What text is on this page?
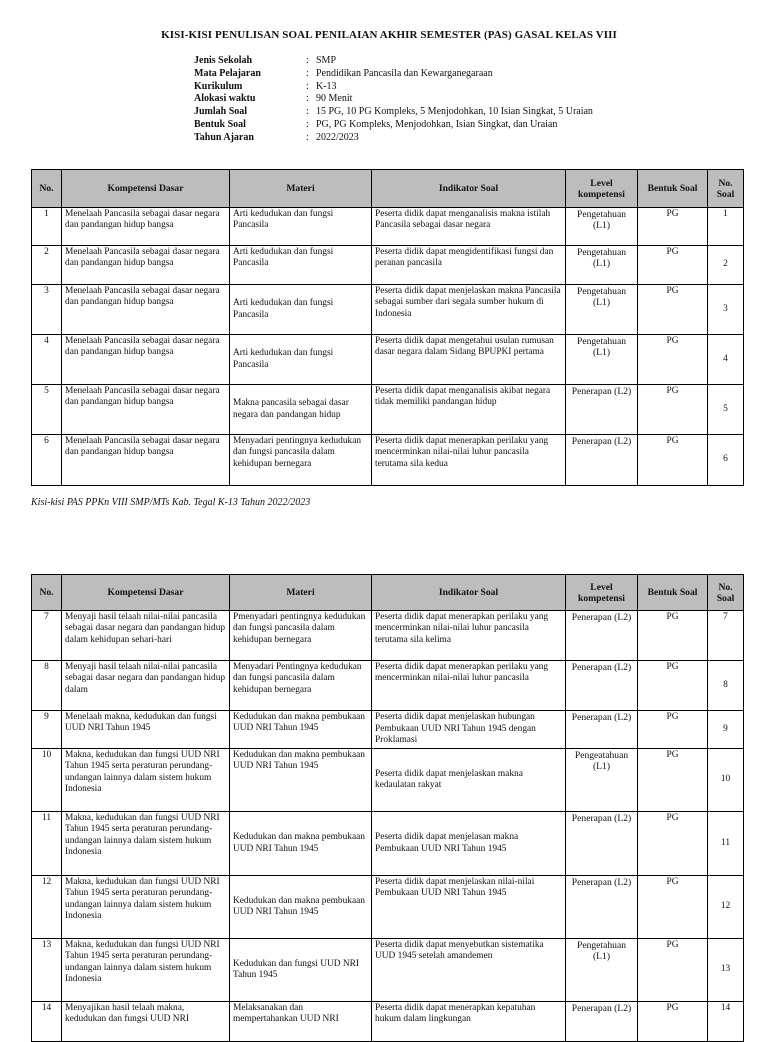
KISI-KISI PENULISAN SOAL PENILAIAN AKHIR SEMESTER (PAS) GASAL KELAS VIII
Jenis Sekolah	: SMP
Mata Pelajaran	: Pendidikan Pancasila dan Kewarganegaraan
Kurikulum	: K-13
Alokasi waktu	: 90 Menit
Jumlah Soal	: 15 PG, 10 PG Kompleks, 5 Menjodohkan, 10 Isian Singkat, 5 Uraian
Bentuk Soal	: PG, PG Kompleks, Menjodohkan, Isian Singkat, dan Uraian
Tahun Ajaran	: 2022/2023
No.	Kompetensi Dasar	Materi	Indikator Soal	Level kompetensi	Bentuk Soal	No. Soal
1	Menelaah Pancasila sebagai dasar negara dan pandangan hidup bangsa	Arti kedudukan dan fungsi Pancasila	Peserta didik dapat menganalisis makna istilah Pancasila sebagai dasar negara	Pengetahuan (L1)	PG	1
2	Menelaah Pancasila sebagai dasar negara dan pandangan hidup bangsa	Arti kedudukan dan fungsi Pancasila	Peserta didik dapat mengidentifikasi fungsi dan peranan pancasila	Pengetahuan (L1)	PG	2
3	Menelaah Pancasila sebagai dasar negara dan pandangan hidup bangsa	Arti kedudukan dan fungsi Pancasila	Peserta didik dapat menjelaskan makna Pancasila sebagai sumber dari segala sumber hukum di Indonesia	Pengetahuan (L1)	PG	3
4	Menelaah Pancasila sebagai dasar negara dan pandangan hidup bangsa	Arti kedudukan dan fungsi Pancasila	Peserta didik dapat mengetahui usulan rumusan dasar negara dalam Sidang BPUPKI pertama	Pengetahuan (L1)	PG	4
5	Menelaah Pancasila sebagai dasar negara dan pandangan hidup bangsa	Makna pancasila sebagai dasar negara dan pandangan hidup	Peserta didik dapat menganalisis akibat negara tidak memiliki pandangan hidup	Penerapan (L2)	PG	5
6	Menelaah Pancasila sebagai dasar negara dan pandangan hidup bangsa	Menyadari pentingnya kedudukan dan fungsi pancasila dalam kehidupan bernegara	Peserta didik dapat menerapkan perilaku yang mencerminkan nilai-nilai luhur pancasila terutama sila kedua	Penerapan (L2)	PG	6
Kisi-kisi PAS PPKn VIII SMP/MTs Kab. Tegal K-13 Tahun 2022/2023
No.	Kompetensi Dasar	Materi	Indikator Soal	Level kompetensi	Bentuk Soal	No. Soal
7	Menyaji hasil telaah nilai-nilai pancasila sebagai dasar negara dan pandangan hidup dalam kehidupan sehari-hari	Pmenyadari pentingnya kedudukan dan fungsi pancasila dalam kehidupan bernegara	Peserta didik dapat menerapkan perilaku yang mencerminkan nilai-nilai luhur pancasila terutama sila kelima	Penerapan (L2)	PG	7
8	Menyaji hasil telaah nilai-nilai pancasila sebagai dasar negara dan pandangan hidup dalam	Menyadari Pentingnya kedudukan dan fungsi pancasila dalam kehidupan bernegara	Peserta didik dapat menerapkan perilaku yang mencerminkan nilai-nilai luhur pancasila	Penerapan (L2)	PG	8
9	Menelaah makna, kedudukan dan fungsi UUD NRI Tahun 1945	Kedudukan dan makna pembukaan UUD NRI Tahun 1945	Peserta didik dapat menjelaskan hubungan Pembukaan UUD NRI Tahun 1945 dengan Proklamasi	Penerapan (L2)	PG	9
10	Makna, kedudukan dan fungsi UUD NRI Tahun 1945 serta peraturan perundang-undangan lainnya dalam sistem hukum Indonesia	Kedudukan dan makna pembukaan UUD NRI Tahun 1945	Peserta didik dapat menjelaskan makna kedaulatan rakyat	Pengeatahuan (L1)	PG	10
11	Makna, kedudukan dan fungsi UUD NRI Tahun 1945 serta peraturan perundang-undangan lainnya dalam sistem hukum Indonesia	Kedudukan dan makna pembukaan UUD NRI Tahun 1945	Peserta didik dapat menjelasan makna Pembukaan UUD NRI Tahun 1945	Penerapan (L2)	PG	11
12	Makna, kedudukan dan fungsi UUD NRI Tahun 1945 serta peraturan perundang-undangan lainnya dalam sistem hukum Indonesia	Kedudukan dan makna pembukaan UUD NRI Tahun 1945	Peserta didik dapat menjelaskan nilai-nilai Pembukaan UUD NRI Tahun 1945	Penerapan (L2)	PG	12
13	Makna, kedudukan dan fungsi UUD NRI Tahun 1945 serta peraturan perundang-undangan lainnya dalam sistem hukum Indonesia	Kedudukan dan fungsi UUD NRI Tahun 1945	Peserta didik dapat menyebutkan sistematika UUD 1945 setelah amandemen	Pengetahuan (L1)	PG	13
14	Menyajikan hasil telaah makna, kedudukan dan fungsi UUD NRI	Melaksanakan dan mempertahankan UUD NRI	Peserta didik dapat menerapkan kepatuhan hukum dalam lingkungan	Penerapan (L2)	PG	14
